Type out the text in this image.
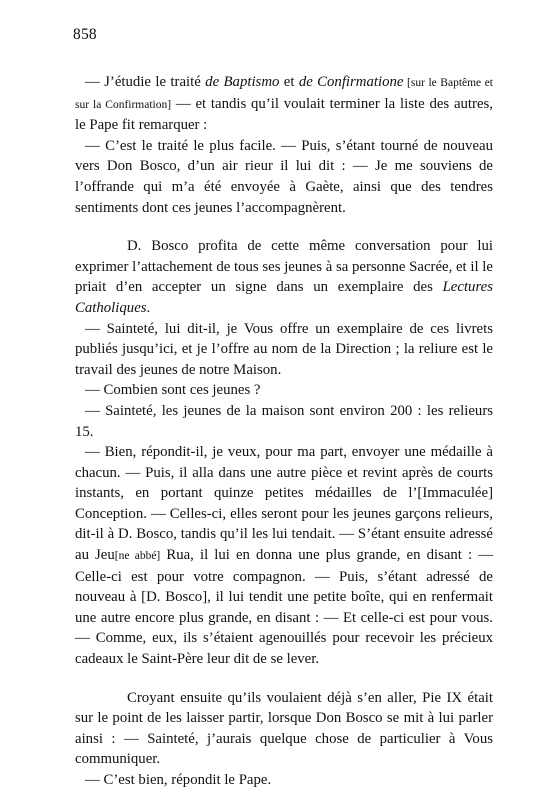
858

— J’étudie le traité de Baptismo et de Confirmatione [sur le Baptême et sur la Confirmation] — et tandis qu’il voulait terminer la liste des autres, le Pape fit remarquer :

— C’est le traité le plus facile. — Puis, s’étant tourné de nouveau vers Don Bosco, d’un air rieur il lui dit : — Je me souviens de l’offrande qui m’a été envoyée à Gaète, ainsi que des tendres sentiments dont ces jeunes l’accompagnèrent.

D. Bosco profita de cette même conversation pour lui exprimer l’attachement de tous ses jeunes à sa personne Sacrée, et il le priait d’en accepter un signe dans un exemplaire des Lectures Catholiques.

— Sainteté, lui dit-il, je Vous offre un exemplaire de ces livrets publiés jusqu’ici, et je l’offre au nom de la Direction ; la reliure est le travail des jeunes de notre Maison.

— Combien sont ces jeunes ?

— Sainteté, les jeunes de la maison sont environ 200 : les relieurs 15.

— Bien, répondit-il, je veux, pour ma part, envoyer une médaille à chacun. — Puis, il alla dans une autre pièce et revint après de courts instants, en portant quinze petites médailles de l’[Immaculée] Conception. — Celles-ci, elles seront pour les jeunes garçons relieurs, dit-il à D. Bosco, tandis qu’il les lui tendait. — S’étant ensuite adressé au Jeu[ne abbé] Rua, il lui en donna une plus grande, en disant : — Celle-ci est pour votre compagnon. — Puis, s’étant adressé de nouveau à [D. Bosco], il lui tendit une petite boîte, qui en renfermait une autre encore plus grande, en disant : — Et celle-ci est pour vous. — Comme, eux, ils s’étaient agenouillés pour recevoir les précieux cadeaux le Saint-Père leur dit de se lever.

Croyant ensuite qu’ils voulaient déjà s’en aller, Pie IX était sur le point de les laisser partir, lorsque Don Bosco se mit à lui parler ainsi : — Sainteté, j’aurais quelque chose de particulier à Vous communiquer.

— C’est bien, répondit le Pape.
